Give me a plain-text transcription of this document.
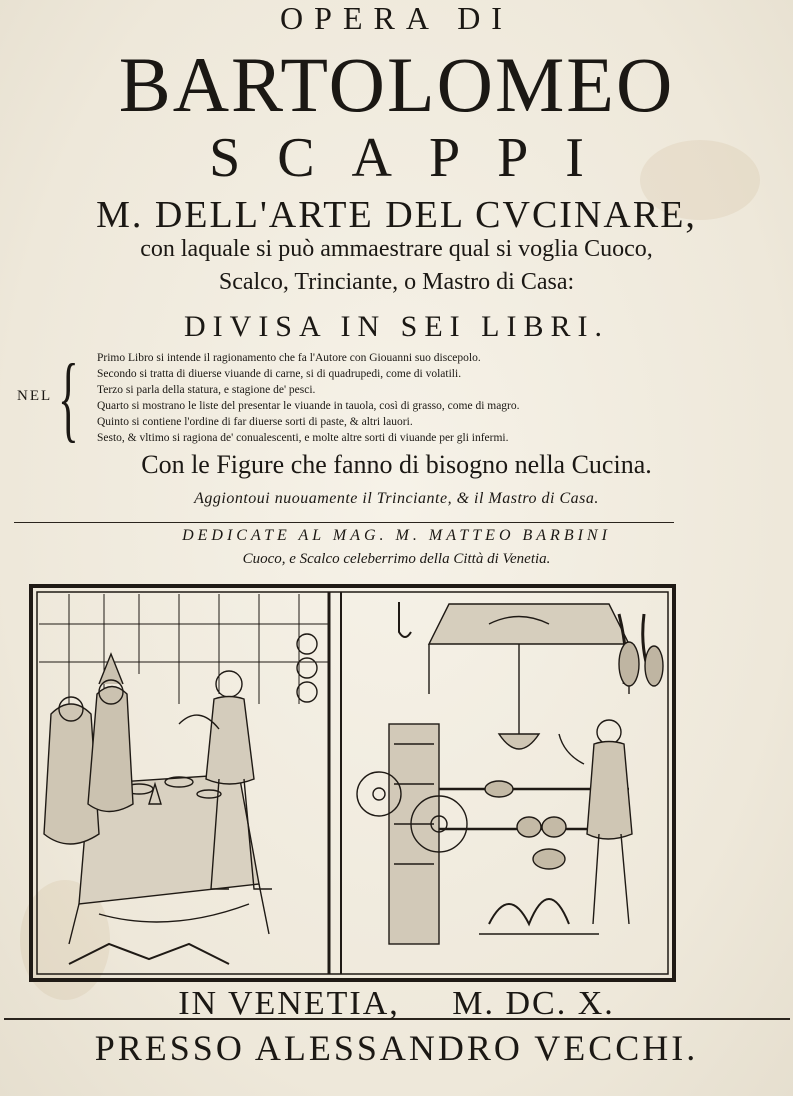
OPERA DI
BARTOLOMEO
SCAPPI
M. DELL'ARTE DEL CVCINARE,
con laquale si può ammaestrare qual si voglia Cuoco,
Scalco, Trinciante, o Mastro di Casa:
DIVISA IN SEI LIBRI.
NEL { Primo Libro si intende il ragionamento che fa l'Autore con Giouanni suo discepolo.
Secondo si tratta di diuerse viuande di carne, si di quadrupedi, come di volatili.
Terzo si parla della statura, e stagione de' pesci.
Quarto si mostrano le liste del presentar le viuande in tauola, così di grasso, come di magro.
Quinto si contiene l'ordine di far diuerse sorti di paste, & altri lauori.
Sesto, & vltimo si ragiona de' conualescenti, e molte altre sorti di viuande per gli infermi.
Con le Figure che fanno di bisogno nella Cucina.
Aggiontoui nuouamente il Trinciante, & il Mastro di Casa.
DEDICATE AL MAG. M. MATTEO BARBINI
Cuoco, e Scalco celeberrimo della Città di Venetia.
IN VENETIA,     M. DC. X.
PRESSO ALESSANDRO VECCHI.
